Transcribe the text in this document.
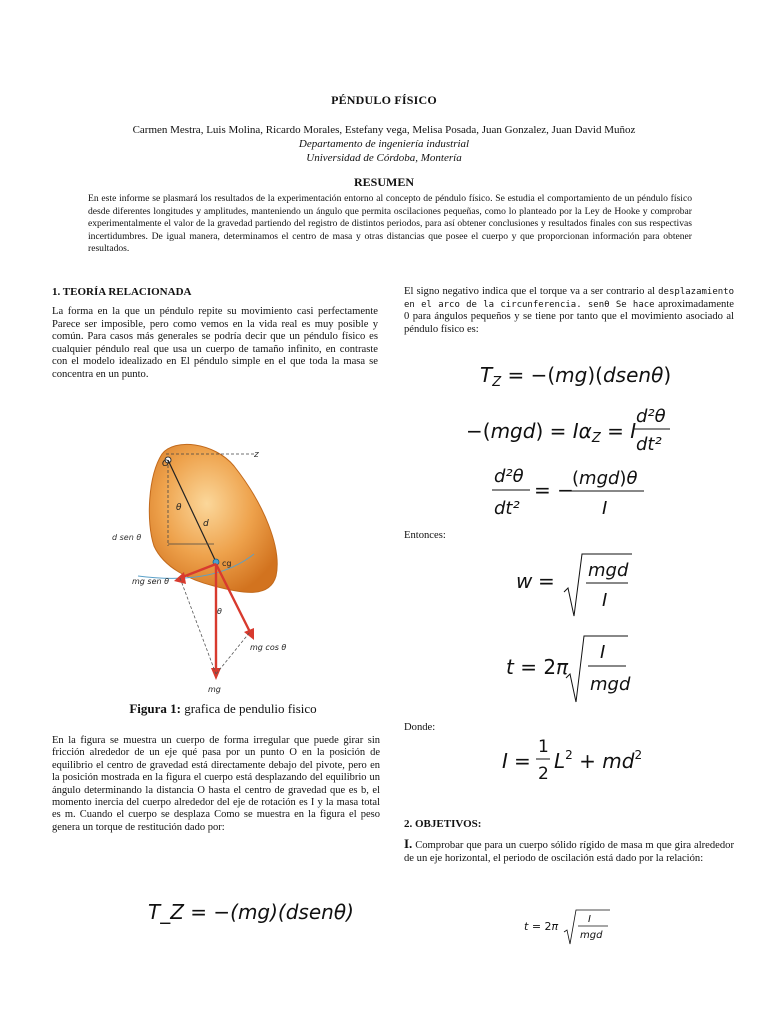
PÉNDULO FÍSICO
Carmen Mestra, Luis Molina, Ricardo Morales, Estefany vega, Melisa Posada, Juan Gonzalez, Juan David Muñoz
Departamento de ingeniería industrial
Universidad de Córdoba, Montería
RESUMEN
En este informe se plasmará los resultados de la experimentación entorno al concepto de péndulo físico. Se estudia el comportamiento de un péndulo físico desde diferentes longitudes y amplitudes, manteniendo un ángulo que permita oscilaciones pequeñas, como lo planteado por la Ley de Hooke y comprobar experimentalmente el valor de la gravedad partiendo del registro de distintos periodos, para así obtener conclusiones y resultados finales con sus respectivas incertidumbres. De igual manera, determinamos el centro de masa y otras distancias que posee el cuerpo y que proporcionan información para obtener resultados.
1. TEORÍA RELACIONADA
La forma en la que un péndulo repite su movimiento casi perfectamente Parece ser imposible, pero como vemos en la vida real es muy posible y común. Para casos más generales se podría decir que un péndulo físico es cualquier péndulo real que usa un cuerpo de tamaño infinito, en contraste con el modelo idealizado en El péndulo simple en el que toda la masa se concentra en un punto.
z
O
θ
d
d sen θ
cg
mg
mg cos θ
mg sen θ
θ
Figura 1: grafica de pendulio fisico
En la figura se muestra un cuerpo de forma irregular que puede girar sin fricción alrededor de un eje qué pasa por un punto O en la posición de equilibrio el centro de gravedad está directamente debajo del pivote, pero en la posición mostrada en la figura el cuerpo está desplazando del equilibrio un ángulo determinando la distancia O hasta el centro de gravedad que es b, el momento inercia del cuerpo alrededor del eje de rotación es I y la masa total es m. Cuando el cuerpo se desplaza Como se muestra en la figura el peso genera un torque de restitución dado por:
T_Z = −(mg)(dsenθ)
El signo negativo indica que el torque va a ser contrario al desplazamiento en el arco de la circunferencia. senθ Se hace aproximadamente 0 para ángulos pequeños y se tiene por tanto que el movimiento asociado al péndulo físico es:
$T_Z$ = −(mg)(dsenθ)
$-(mgd) = I\alpha_Z = I$
d²θ
dt²
d²θ
dt²
= −
(mgd)θ
I
Entonces:
w = mgd
I
t = 2π
I
mgd
Donde:
I =
1
2
$L^2 + md^2$
2. OBJETIVOS:
I. Comprobar que para un cuerpo sólido rígido de masa m que gira alrededor de un eje horizontal, el periodo de oscilación está dado por la relación:
t = 2π
I
mgd
